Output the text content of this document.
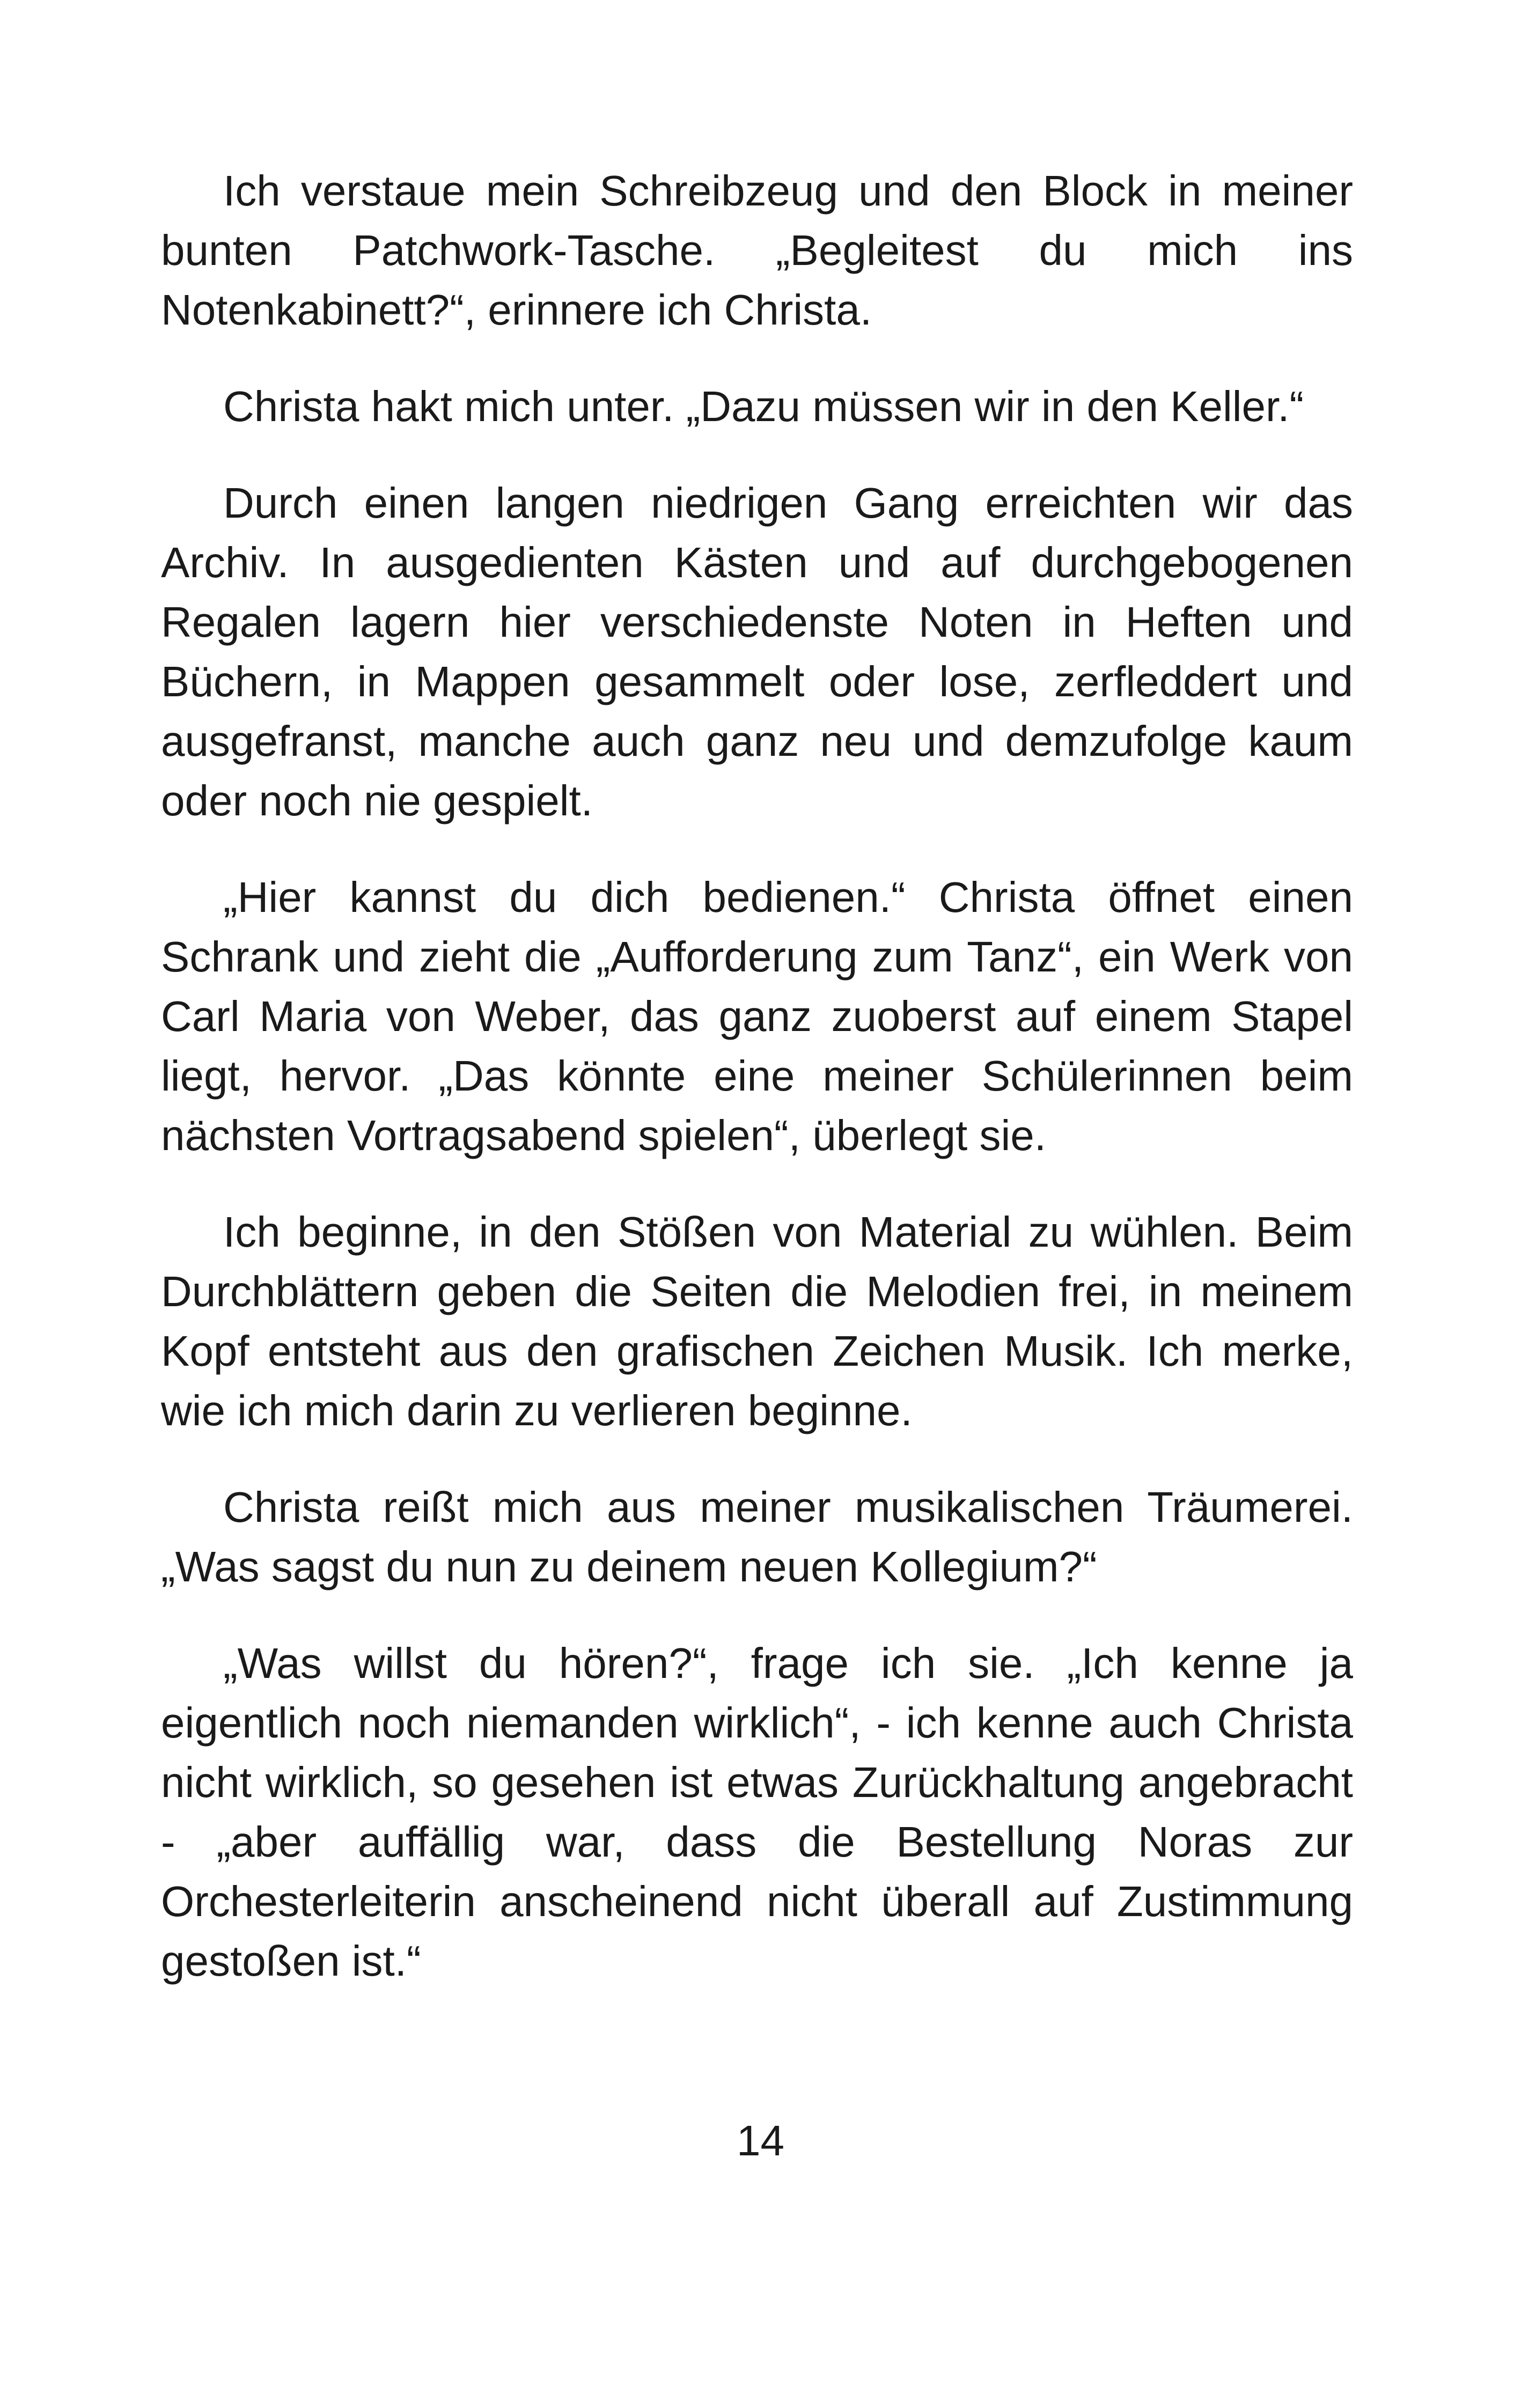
Ich verstaue mein Schreibzeug und den Block in meiner bunten Patchwork-Tasche. „Begleitest du mich ins Notenkabinett?“, erinnere ich Christa.

Christa hakt mich unter. „Dazu müssen wir in den Keller.“

Durch einen langen niedrigen Gang erreichten wir das Archiv. In ausgedienten Kästen und auf durchgebogenen Regalen lagern hier verschiedenste Noten in Heften und Büchern, in Mappen gesammelt oder lose, zerfleddert und ausgefranst, manche auch ganz neu und demzufolge kaum oder noch nie gespielt.

„Hier kannst du dich bedienen.“ Christa öffnet einen Schrank und zieht die „Aufforderung zum Tanz“, ein Werk von Carl Maria von Weber, das ganz zuoberst auf einem Stapel liegt, hervor. „Das könnte eine meiner Schülerinnen beim nächsten Vortragsabend spielen“, überlegt sie.

Ich beginne, in den Stößen von Material zu wühlen. Beim Durchblättern geben die Seiten die Melodien frei, in meinem Kopf entsteht aus den grafischen Zeichen Musik. Ich merke, wie ich mich darin zu verlieren beginne.

Christa reißt mich aus meiner musikalischen Träumerei. „Was sagst du nun zu deinem neuen Kollegium?“

„Was willst du hören?“, frage ich sie. „Ich kenne ja eigentlich noch niemanden wirklich“, - ich kenne auch Christa nicht wirklich, so gesehen ist etwas Zurückhaltung angebracht - „aber auffällig war, dass die Bestellung Noras zur Orchesterleiterin anscheinend nicht überall auf Zustimmung gestoßen ist.“

14
